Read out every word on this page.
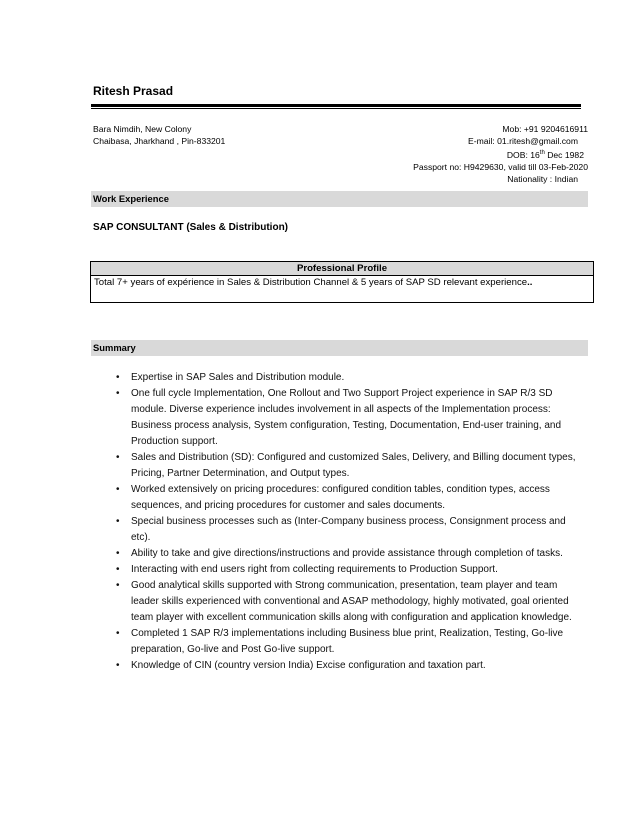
Ritesh Prasad
Bara Nimdih, New Colony
Chaibasa, Jharkhand , Pin-833201
Mob: +91 9204616911
E-mail: 01.ritesh@gmail.com
DOB: 16th Dec 1982
Passport no: H9429630, valid till 03-Feb-2020
Nationality : Indian
Work Experience
SAP CONSULTANT (Sales & Distribution)
Professional Profile
Total 7+ years of expérience in Sales & Distribution Channel & 5 years of SAP SD relevant experience..
Summary
• Expertise in SAP Sales and Distribution module.
• One full cycle Implementation, One Rollout and Two Support Project experience in SAP R/3 SD module. Diverse experience includes involvement in all aspects of the Implementation process: Business process analysis, System configuration, Testing, Documentation, End-user training, and Production support.
• Sales and Distribution (SD): Configured and customized Sales, Delivery, and Billing document types, Pricing, Partner Determination, and Output types.
• Worked extensively on pricing procedures: configured condition tables, condition types, access sequences, and pricing procedures for customer and sales documents.
• Special business processes such as (Inter-Company business process, Consignment process and etc).
• Ability to take and give directions/instructions and provide assistance through completion of tasks.
• Interacting with end users right from collecting requirements to Production Support.
• Good analytical skills supported with Strong communication, presentation, team player and team leader skills experienced with conventional and ASAP methodology, highly motivated, goal oriented team player with excellent communication skills along with configuration and application knowledge.
• Completed 1 SAP R/3 implementations including Business blue print, Realization, Testing, Go-live preparation, Go-live and Post Go-live support.
• Knowledge of CIN (country version India) Excise configuration and taxation part.
